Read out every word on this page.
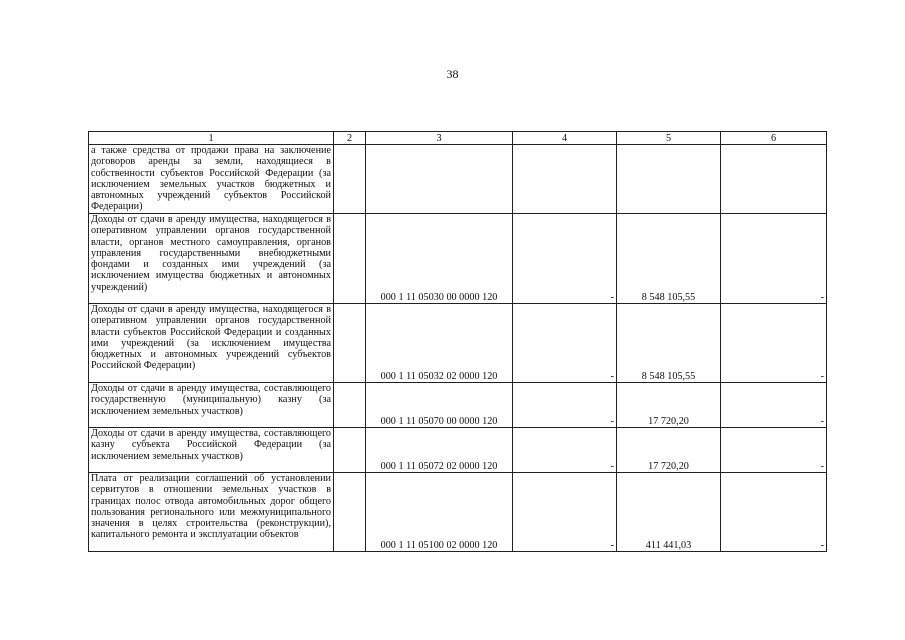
38
1	2	3	4	5	6
а также средства от продажи права на заключение договоров аренды за земли, находящиеся в собственности субъектов Российской Федерации (за исключением земельных участков бюджетных и автономных учреждений субъектов Российской Федерации)					
Доходы от сдачи в аренду имущества, находящегося в оперативном управлении органов государственной власти, органов местного самоуправления, органов управления государственными внебюджетными фондами и созданных ими учреждений (за исключением имущества бюджетных и автономных учреждений)		000 1 11 05030 00 0000 120	-	8 548 105,55	-
Доходы от сдачи в аренду имущества, находящегося в оперативном управлении органов государственной власти субъектов Российской Федерации и созданных ими учреждений (за исключением имущества бюджетных и автономных учреждений субъектов Российской Федерации)		000 1 11 05032 02 0000 120	-	8 548 105,55	-
Доходы от сдачи в аренду имущества, составляющего государственную (муниципальную) казну (за исключением земельных участков)		000 1 11 05070 00 0000 120	-	17 720,20	-
Доходы от сдачи в аренду имущества, составляющего казну субъекта Российской Федерации (за исключением земельных участков)		000 1 11 05072 02 0000 120	-	17 720,20	-
Плата от реализации соглашений об установлении сервитутов в отношении земельных участков в границах полос отвода автомобильных дорог общего пользования регионального или межмуниципального значения в целях строительства (реконструкции), капитального ремонта и эксплуатации объектов		000 1 11 05100 02 0000 120	-	411 441,03	-
